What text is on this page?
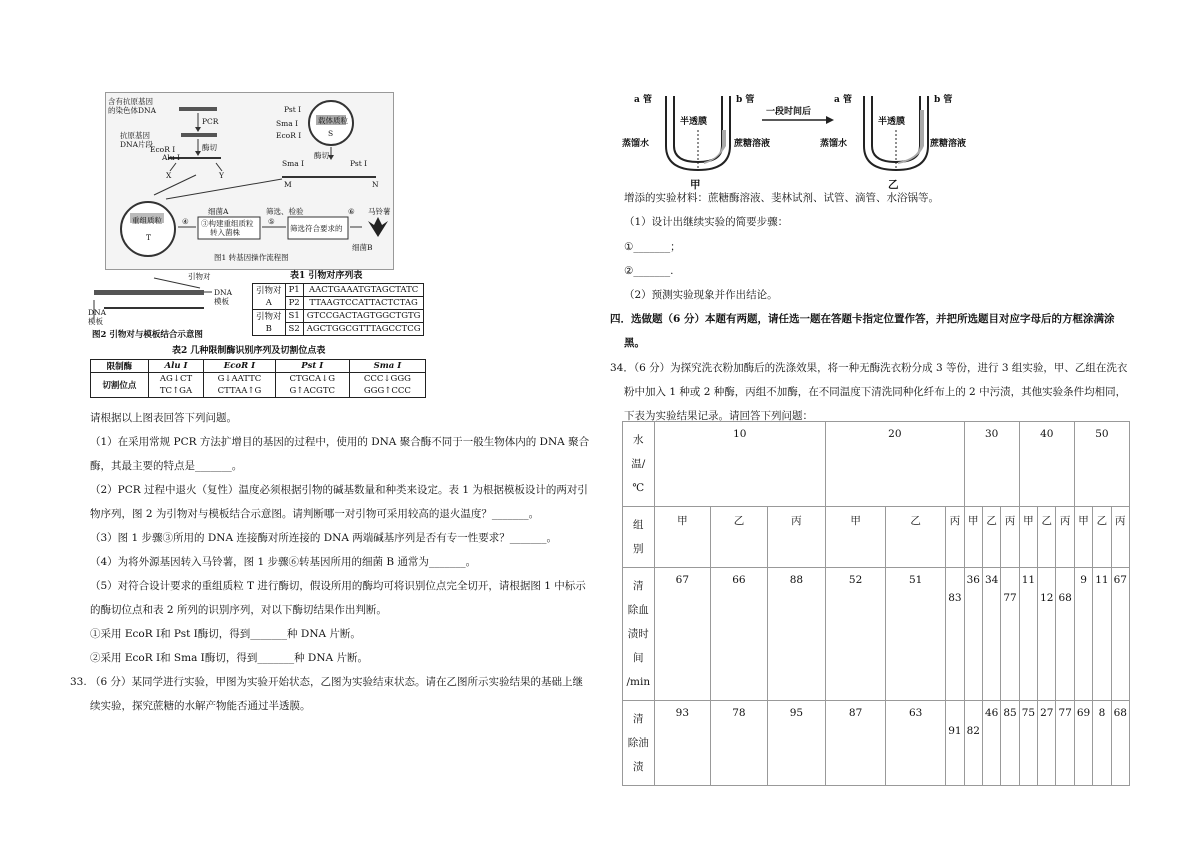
含有抗原基因
的染色体DNA
PCR
抗原基因
DNA片段
EcoR I
Alu I
酶切
X	Y
Pst I
Sma I	载体质粒
S
EcoR I
酶切
Sma I	Pst I
M	N
重组质粒
T
④
细菌A
③构建重组质粒
转入菌株
⑤
筛选、检验
筛选符合要求的
⑥
细菌B
马铃薯
图1 转基因操作流程图
引物对
DNA
模板
DNA
模板
图2 引物对与模板结合示意图
表1 引物对序列表
引物对	P1	AACTGAAATGTAGCTATC
A	P2	TTAAGTCCATTACTCTAG
引物对	S1	GTCCGACTAGTGGCTGTG
B	S2	AGCTGGCGTTTAGCCTCG
表2 几种限制酶识别序列及切割位点表
限制酶	Alu I	EcoR I	Pst I	Sma I
切割位点	AG↓CT	G↓AATTC	CTGCA↓G	CCC↓GGG
	TC↑GA	CTTAA↑G	G↑ACGTC	GGG↑CCC
请根据以上图表回答下列问题。
（1）在采用常规 PCR 方法扩增目的基因的过程中，使用的 DNA 聚合酶不同于一般生物体内的 DNA 聚合
酶，其最主要的特点是_______。
（2）PCR 过程中退火（复性）温度必须根据引物的碱基数量和种类来设定。表 1 为根据模板设计的两对引
物序列，图 2 为引物对与模板结合示意图。请判断哪一对引物可采用较高的退火温度？_______。
（3）图 1 步骤③所用的 DNA 连接酶对所连接的 DNA 两端碱基序列是否有专一性要求？_______。
（4）为将外源基因转入马铃薯，图 1 步骤⑥转基因所用的细菌 B 通常为_______。
（5）对符合设计要求的重组质粒 T 进行酶切，假设所用的酶均可将识别位点完全切开，请根据图 1 中标示
的酶切位点和表 2 所列的识别序列，对以下酶切结果作出判断。
①采用 EcoR Ⅰ和 Pst Ⅰ酶切，得到_______种 DNA 片断。
②采用 EcoR Ⅰ和 Sma Ⅰ酶切，得到_______种 DNA 片断。
33. （6 分）某同学进行实验，甲图为实验开始状态，乙图为实验结束状态。请在乙图所示实验结果的基础上继
续实验，探究蔗糖的水解产物能否通过半透膜。
a 管	b 管
半透膜
蒸馏水	蔗糖溶液
一段时间后
a 管	b 管
半透膜
蒸馏水	蔗糖溶液
甲	乙
增添的实验材料：蔗糖酶溶液、斐林试剂、试管、滴管、水浴锅等。
（1）设计出继续实验的简要步骤：
①_______；
②_______.
（2）预测实验现象并作出结论。
四．选做题（6 分）本题有两题，请任选一题在答题卡指定位置作答，并把所选题目对应字母后的方框涂满涂
黑。
34．（6 分）为探究洗衣粉加酶后的洗涤效果，将一种无酶洗衣粉分成 3 等份，进行 3 组实验，甲、乙组在洗衣
粉中加入 1 种或 2 种酶，丙组不加酶，在不同温度下清洗同种化纤布上的 2 中污渍，其他实验条件均相同，
下表为实验结果记录。请回答下列问题：
水
温/
℃	10			20			30			40			50		

组
别	甲	乙	丙	甲	乙	丙	甲	乙	丙	甲	乙	丙	甲	乙	丙

清
除血
渍时
间
/min	67	66	88	52	51	83	36	34	77	11	12	68	9	11	67

清
除油
渍	93	78	95	87	63	91	82	46	85	75	27	77	69	8	68
